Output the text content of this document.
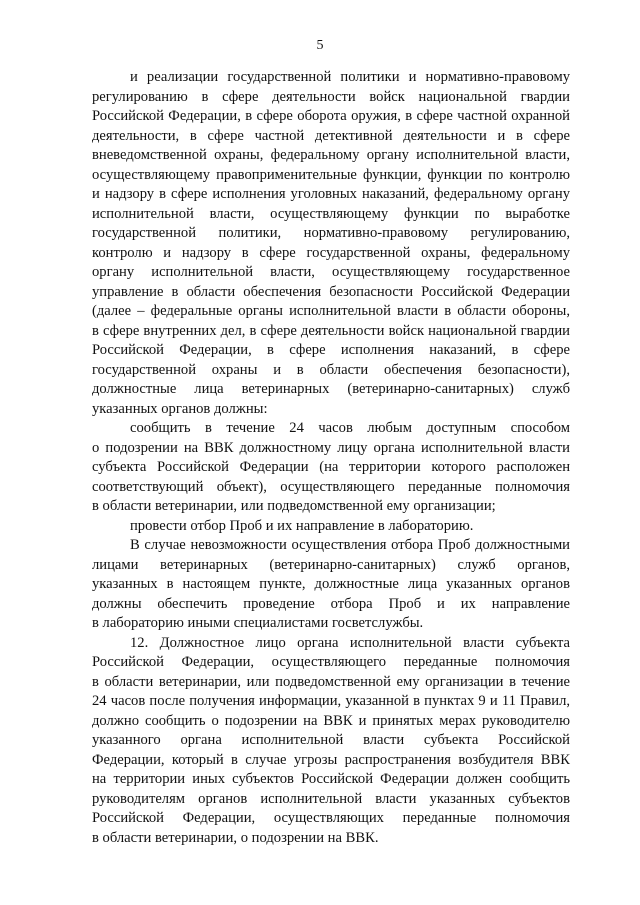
5
и реализации государственной политики и нормативно-правовому
регулированию в сфере деятельности войск национальной гвардии
Российской Федерации, в сфере оборота оружия, в сфере частной охранной
деятельности, в сфере частной детективной деятельности и в сфере
вневедомственной охраны, федеральному органу исполнительной власти,
осуществляющему правоприменительные функции, функции по контролю
и надзору в сфере исполнения уголовных наказаний, федеральному органу
исполнительной власти, осуществляющему функции по выработке
государственной политики, нормативно-правовому регулированию,
контролю и надзору в сфере государственной охраны, федеральному
органу исполнительной власти, осуществляющему государственное
управление в области обеспечения безопасности Российской Федерации
(далее – федеральные органы исполнительной власти в области обороны,
в сфере внутренних дел, в сфере деятельности войск национальной гвардии
Российской Федерации, в сфере исполнения наказаний, в сфере
государственной охраны и в области обеспечения безопасности),
должностные лица ветеринарных (ветеринарно-санитарных) служб
указанных органов должны:
сообщить в течение 24 часов любым доступным способом
о подозрении на ВВК должностному лицу органа исполнительной власти
субъекта Российской Федерации (на территории которого расположен
соответствующий объект), осуществляющего переданные полномочия
в области ветеринарии, или подведомственной ему организации;
провести отбор Проб и их направление в лабораторию.
В случае невозможности осуществления отбора Проб должностными
лицами ветеринарных (ветеринарно-санитарных) служб органов,
указанных в настоящем пункте, должностные лица указанных органов
должны обеспечить проведение отбора Проб и их направление
в лабораторию иными специалистами госветслужбы.
12. Должностное лицо органа исполнительной власти субъекта
Российской Федерации, осуществляющего переданные полномочия
в области ветеринарии, или подведомственной ему организации в течение
24 часов после получения информации, указанной в пунктах 9 и 11 Правил,
должно сообщить о подозрении на ВВК и принятых мерах руководителю
указанного органа исполнительной власти субъекта Российской
Федерации, который в случае угрозы распространения возбудителя ВВК
на территории иных субъектов Российской Федерации должен сообщить
руководителям органов исполнительной власти указанных субъектов
Российской Федерации, осуществляющих переданные полномочия
в области ветеринарии, о подозрении на ВВК.
